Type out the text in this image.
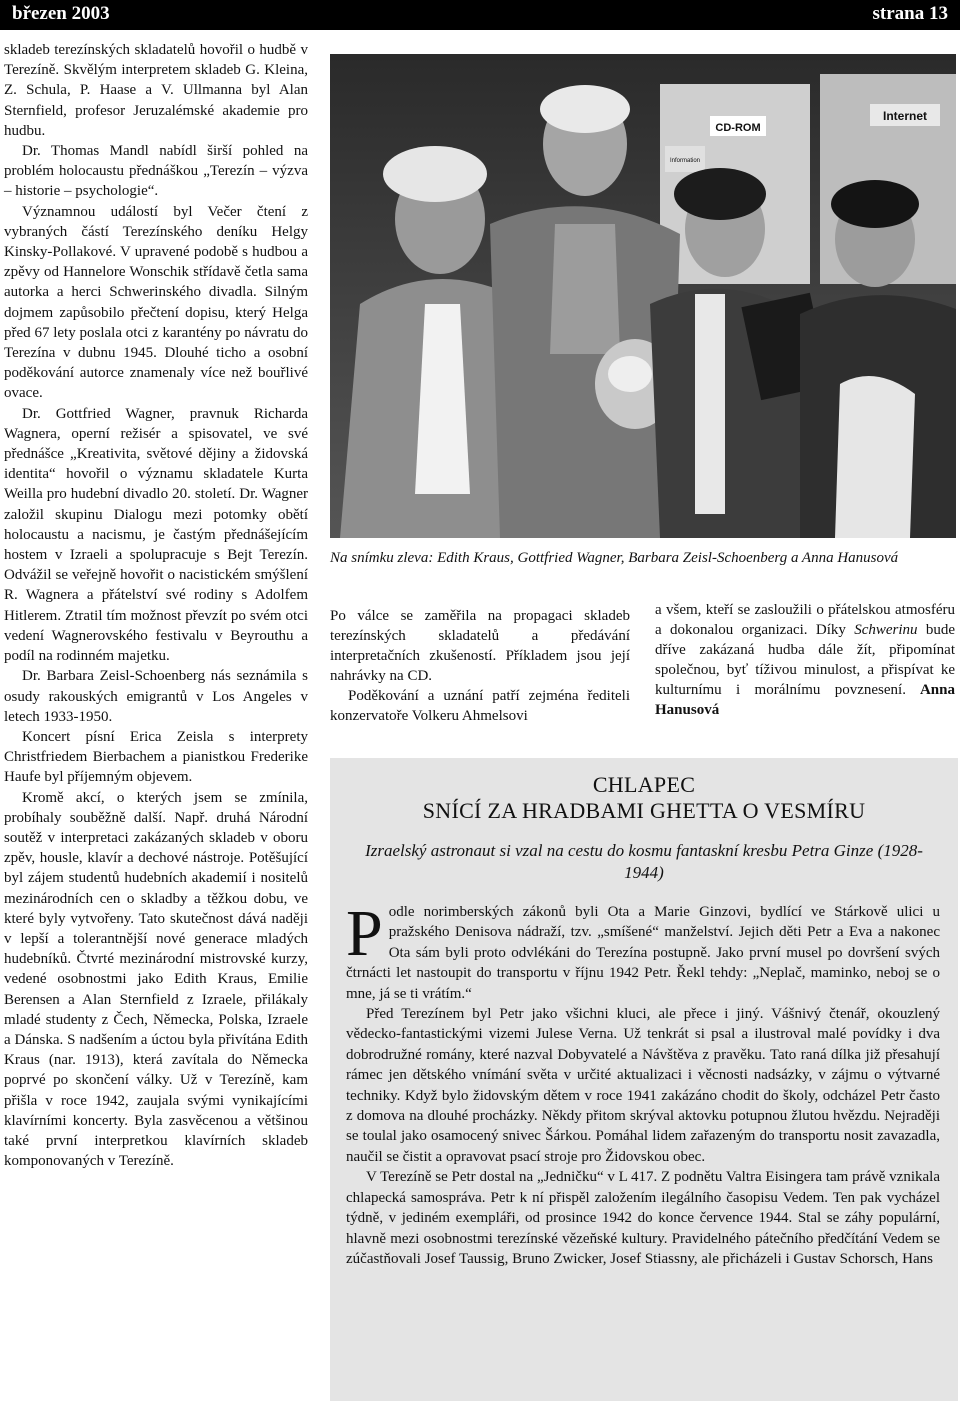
březen 2003	strana 13

skladeb terezínských skladatelů hovořil o hudbě v Terezíně. Skvělým interpretem skladeb G. Kleina, Z. Schula, P. Haase a V. Ullmanna byl Alan Sternfield, profesor Jeruzalémské akademie pro hudbu.

Dr. Thomas Mandl nabídl širší pohled na problém holocaustu přednáškou „Terezín – výzva – historie – psychologie“.

Významnou událostí byl Večer čtení z vybraných částí Terezínského deníku Helgy Kinsky-Pollakové. V upravené podobě s hudbou a zpěvy od Hannelore Wonschik střídavě četla sama autorka a herci Schwerinského divadla. Silným dojmem zapůsobilo přečtení dopisu, který Helga před 67 lety poslala otci z karantény po návratu do Terezína v dubnu 1945. Dlouhé ticho a osobní poděkování autorce znamenaly více než bouřlivé ovace.

Dr. Gottfried Wagner, pravnuk Richarda Wagnera, operní režisér a spisovatel, ve své přednášce „Kreativita, světové dějiny a židovská identita“ hovořil o významu skladatele Kurta Weilla pro hudební divadlo 20. století. Dr. Wagner založil skupinu Dialogu mezi potomky obětí holocaustu a nacismu, je častým přednášejícím hostem v Izraeli a spolupracuje s Bejt Terezín. Odvážil se veřejně hovořit o nacistickém smýšlení R. Wagnera a přátelství své rodiny s Adolfem Hitlerem. Ztratil tím možnost převzít po svém otci vedení Wagnerovského festivalu v Beyrouthu a podíl na rodinném majetku.

Dr. Barbara Zeisl-Schoenberg nás seznámila s osudy rakouských emigrantů v Los Angeles v letech 1933-1950.

Koncert písní Erica Zeisla s interprety Christfriedem Bierbachem a pianistkou Frederike Haufe byl příjemným objevem.

Kromě akcí, o kterých jsem se zmínila, probíhaly souběžně další. Např. druhá Národní soutěž v interpretaci zakázaných skladeb v oboru zpěv, housle, klavír a dechové nástroje. Potěšující byl zájem studentů hudebních akademií i nositelů mezinárodních cen o skladby a těžkou dobu, ve které byly vytvořeny. Tato skutečnost dává naději v lepší a tolerantnější nové generace mladých hudebníků. Čtvrté mezinárodní mistrovské kurzy, vedené osobnostmi jako Edith Kraus, Emilie Berensen a Alan Sternfield z Izraele, přilákaly mladé studenty z Čech, Německa, Polska, Izraele a Dánska. S nadšením a úctou byla přivítána Edith Kraus (nar. 1913), která zavítala do Německa poprvé po skončení války. Už v Terezíně, kam přišla v roce 1942, zaujala svými vynikajícími klavírními koncerty. Byla zasvěcenou a většinou také první interpretkou klavírních skladeb komponovaných v Terezíně.

CD-ROM
Internet
Information
Na snímku zleva: Edith Kraus, Gottfried Wagner, Barbara Zeisl-Schoenberg a Anna Hanusová

Po válce se zaměřila na propagaci skladeb terezínských skladatelů a předávání interpretačních zkušeností. Příkladem jsou její nahrávky na CD.

Poděkování a uznání patří zejména řediteli konzervatoře Volkeru Ahmelsovi

a všem, kteří se zasloužili o přátelskou atmosféru a dokonalou organizaci. Díky Schwerinu bude dříve zakázaná hudba dále žít, připomínat společnou, byť tíživou minulost, a přispívat ke kulturnímu i morálnímu povznesení. Anna Hanusová

CHLAPEC
SNÍCÍ ZA HRADBAMI GHETTA O VESMÍRU
Izraelský astronaut si vzal na cestu do kosmu fantaskní kresbu Petra Ginze (1928-1944)

Podle norimberských zákonů byli Ota a Marie Ginzovi, bydlící ve Stárkově ulici u pražského Denisova nádraží, tzv. „smíšené“ manželství. Jejich děti Petr a Eva a nakonec Ota sám byli proto odvlékáni do Terezína postupně. Jako první musel po dovršení svých čtrnácti let nastoupit do transportu v říjnu 1942 Petr. Řekl tehdy: „Neplač, maminko, neboj se o mne, já se ti vrátím.“

Před Terezínem byl Petr jako všichni kluci, ale přece i jiný. Vášnivý čtenář, okouzlený vědecko-fantastickými vizemi Julese Verna. Už tenkrát si psal a ilustroval malé povídky i dva dobrodružné romány, které nazval Dobyvatelé a Návštěva z pravěku. Tato raná dílka již přesahují rámec jen dětského vnímání světa v určité aktualizaci i věcnosti nadsázky, v zájmu o výtvarné techniky. Když bylo židovským dětem v roce 1941 zakázáno chodit do školy, odcházel Petr často z domova na dlouhé procházky. Někdy přitom skrýval aktovku potupnou žlutou hvězdu. Nejraději se toulal jako osamocený snivec Šárkou. Pomáhal lidem zařazeným do transportu nosit zavazadla, naučil se čistit a opravovat psací stroje pro Židovskou obec.

V Terezíně se Petr dostal na „Jedničku“ v L 417. Z podnětu Valtra Eisingera tam právě vznikala chlapecká samospráva. Petr k ní přispěl založením ilegálního časopisu Vedem. Ten pak vycházel týdně, v jediném exempláři, od prosince 1942 do konce července 1944. Stal se záhy populární, hlavně mezi osobnostmi terezínské vězeňské kultury. Pravidelného pátečního předčítání Vedem se zúčastňovali Josef Taussig, Bruno Zwicker, Josef Stiassny, ale přicházeli i Gustav Schorsch, Hans
